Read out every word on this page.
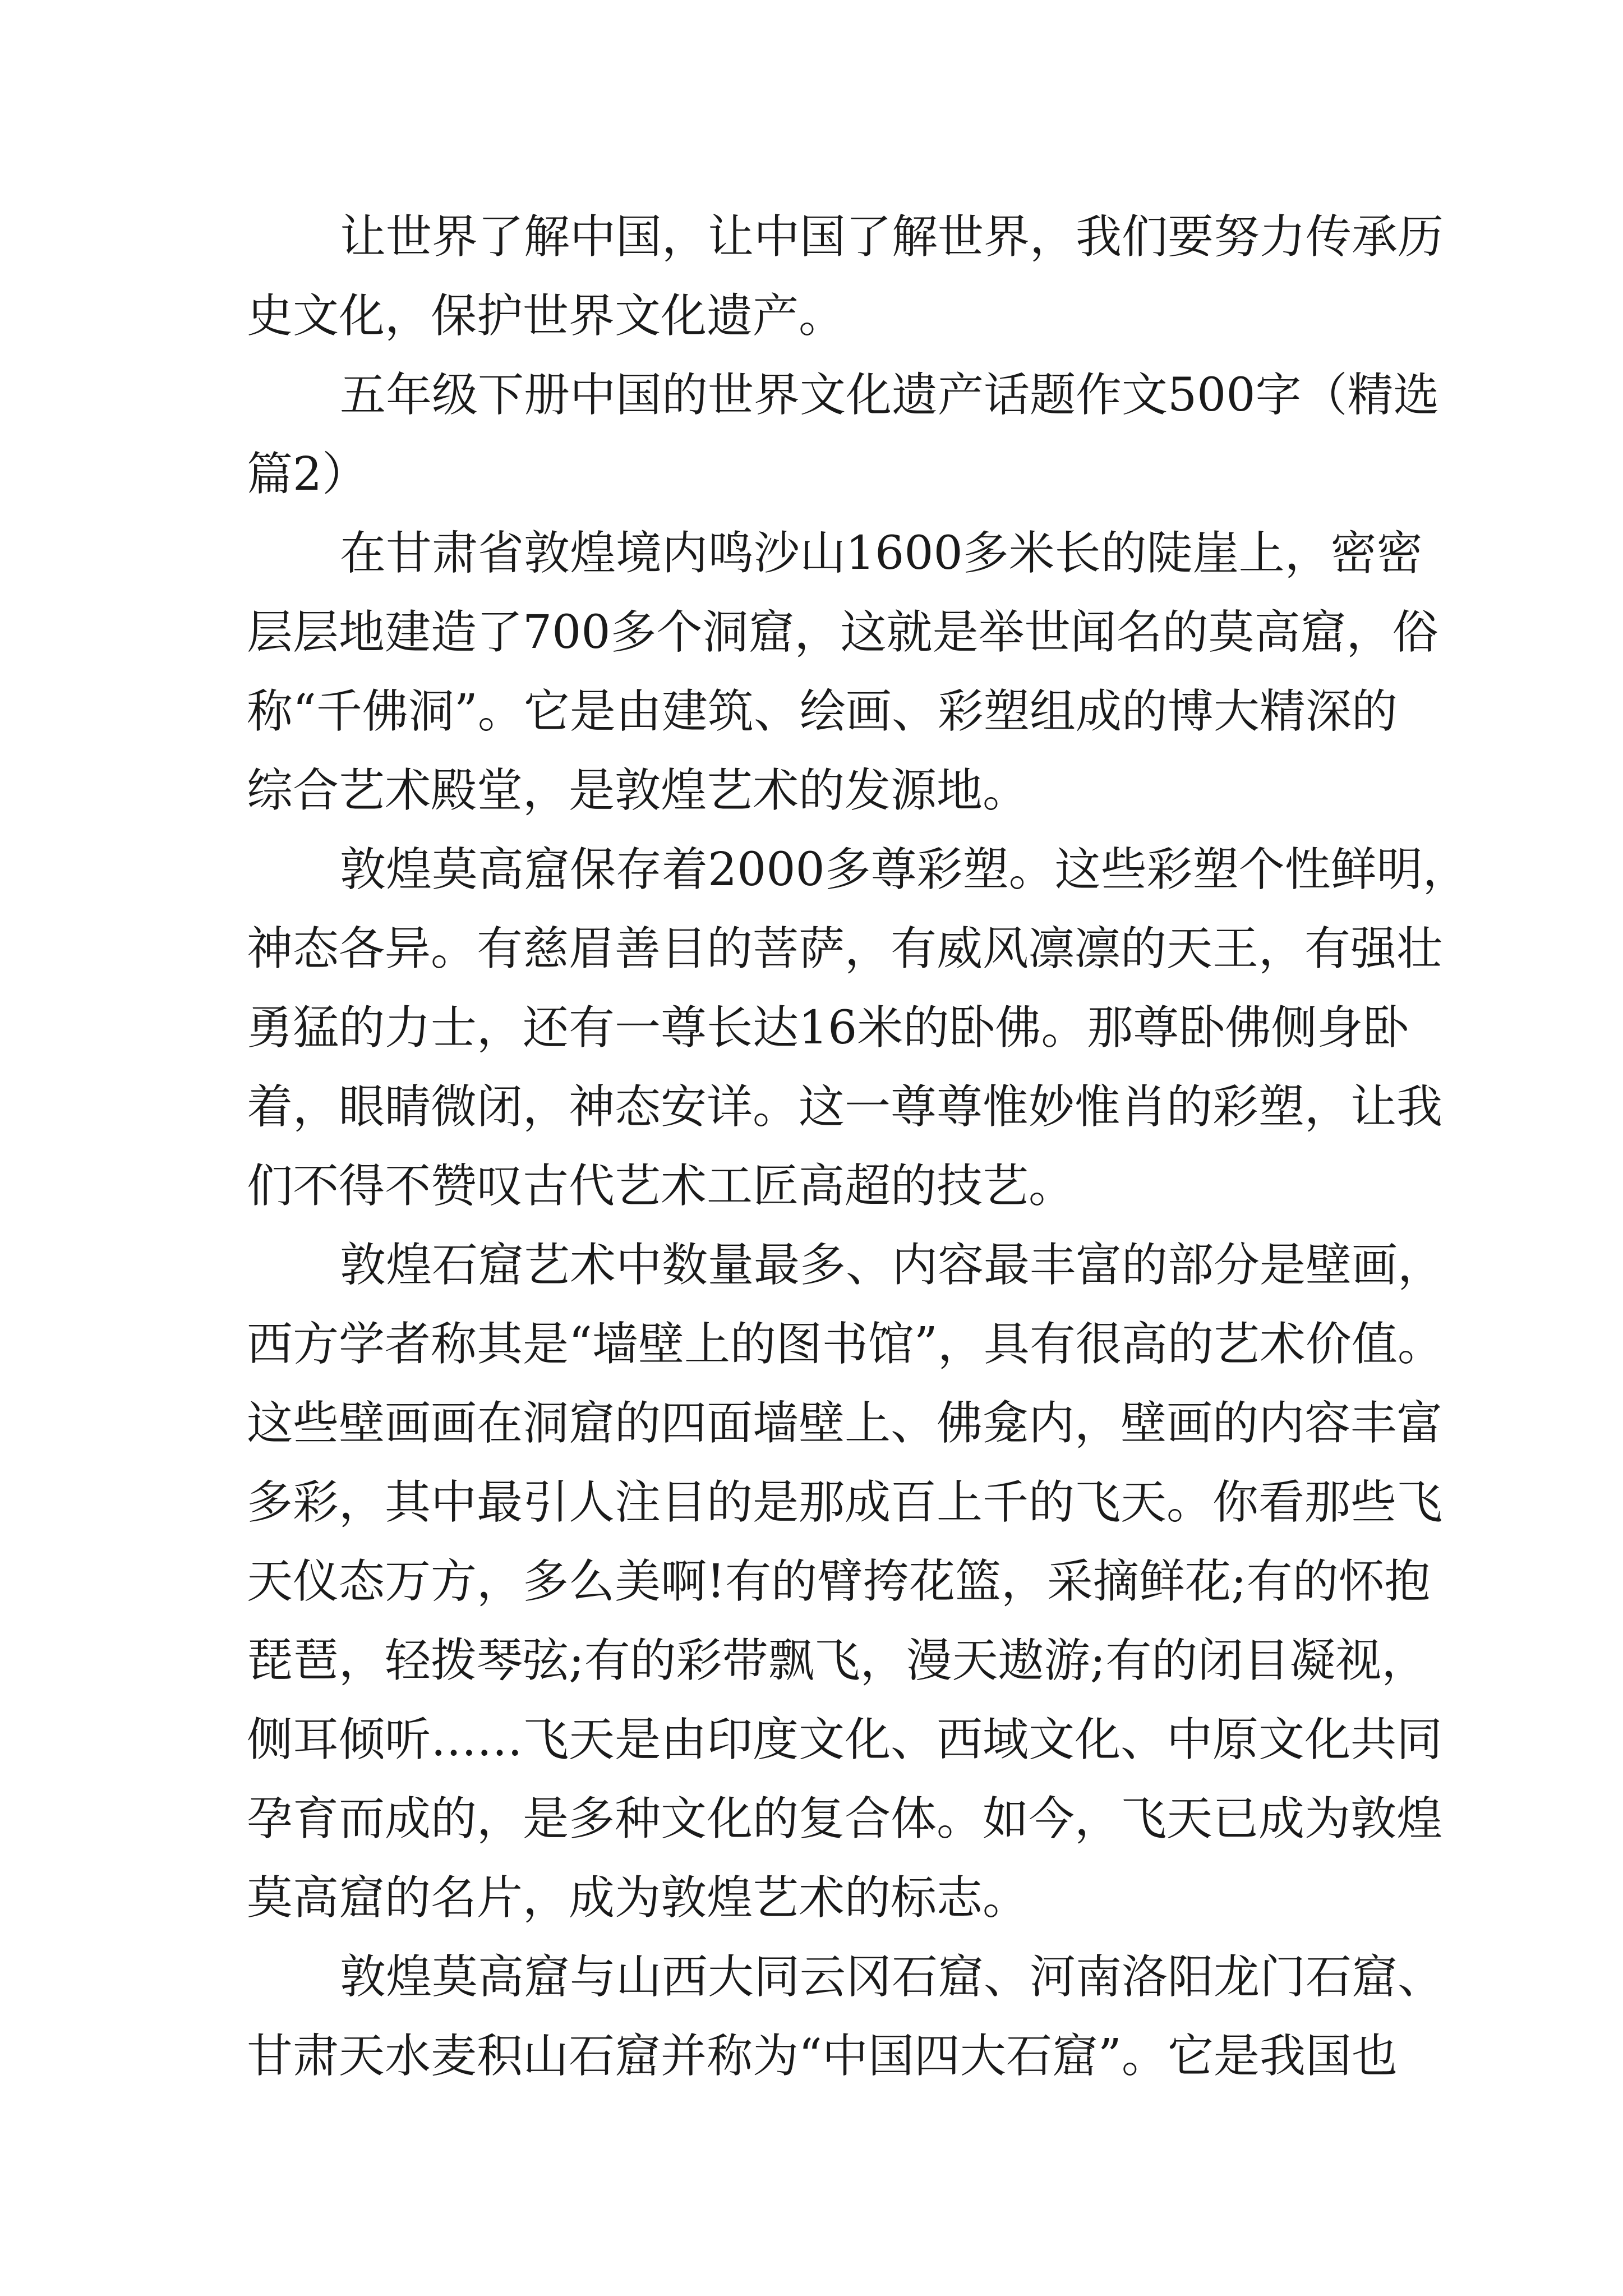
让世界了解中国，让中国了解世界，我们要努力传承历
史文化，保护世界文化遗产。

五年级下册中国的世界文化遗产话题作文500字（精选
篇2）

在甘肃省敦煌境内鸣沙山1600多米长的陡崖上，密密
层层地建造了700多个洞窟，这就是举世闻名的莫高窟，俗
称“千佛洞”。它是由建筑、绘画、彩塑组成的博大精深的
综合艺术殿堂，是敦煌艺术的发源地。

敦煌莫高窟保存着2000多尊彩塑。这些彩塑个性鲜明，
神态各异。有慈眉善目的菩萨，有威风凛凛的天王，有强壮
勇猛的力士，还有一尊长达16米的卧佛。那尊卧佛侧身卧
着，眼睛微闭，神态安详。这一尊尊惟妙惟肖的彩塑，让我
们不得不赞叹古代艺术工匠高超的技艺。

敦煌石窟艺术中数量最多、内容最丰富的部分是壁画，
西方学者称其是“墙壁上的图书馆”，具有很高的艺术价值。
这些壁画画在洞窟的四面墙壁上、佛龛内，壁画的内容丰富
多彩，其中最引人注目的是那成百上千的飞天。你看那些飞
天仪态万方，多么美啊!有的臂挎花篮，采摘鲜花;有的怀抱
琵琶，轻拨琴弦;有的彩带飘飞，漫天遨游;有的闭目凝视，
侧耳倾听……飞天是由印度文化、西域文化、中原文化共同
孕育而成的，是多种文化的复合体。如今，飞天已成为敦煌
莫高窟的名片，成为敦煌艺术的标志。

敦煌莫高窟与山西大同云冈石窟、河南洛阳龙门石窟、
甘肃天水麦积山石窟并称为“中国四大石窟”。它是我国也
